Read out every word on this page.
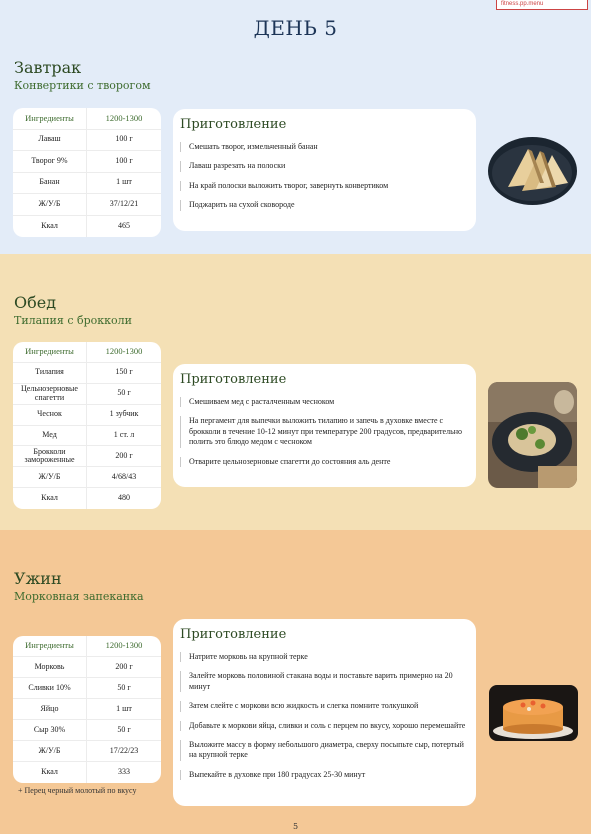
fitness.pp.menu
ДЕНЬ 5
Завтрак
Конвертики с творогом
Ингредиенты	1200-1300
Лаваш	100 г
Творог 9%	100 г
Банан	1 шт
Ж/У/Б	37/12/21
Ккал	465
Приготовление
Смешать творог, измельченный банан
Лаваш разрезать на полоски
На край полоски выложить творог, завернуть конвертиком
Поджарить на сухой сковороде
Обед
Тилапия с брокколи
Ингредиенты	1200-1300
Тилапия	150 г
Цельнозерновые спагетти	50 г
Чеснок	1 зубчик
Мед	1 ст. л
Брокколи замороженные	200 г
Ж/У/Б	4/68/43
Ккал	480
Приготовление
Смешиваем мед с расталченным чесноком
На пергамент для выпечки выложить тилапию и запечь в духовке вместе с брокколи в течение 10-12 минут при температуре 200 градусов, предварительно полить это блюдо медом с чесноком
Отварите цельнозерновые спагетти до состояния аль денте
Ужин
Морковная запеканка
Ингредиенты	1200-1300
Морковь	200 г
Сливки 10%	50 г
Яйцо	1 шт
Сыр 30%	50 г
Ж/У/Б	17/22/23
Ккал	333
Приготовление
Натрите морковь на крупной терке
Залейте морковь половиной стакана воды и поставьте варить примерно на 20 минут
Затем слейте с моркови всю жидкость и слегка помните толкушкой
Добавьте к моркови яйца, сливки и соль с перцем по вкусу, хорошо перемешайте
Выложите массу в форму небольшого диаметра, сверху посыпьте сыр, потертый на крупной терке
Выпекайте в духовке при 180 градусах 25-30 минут
+ Перец черный молотый по вкусу
5
